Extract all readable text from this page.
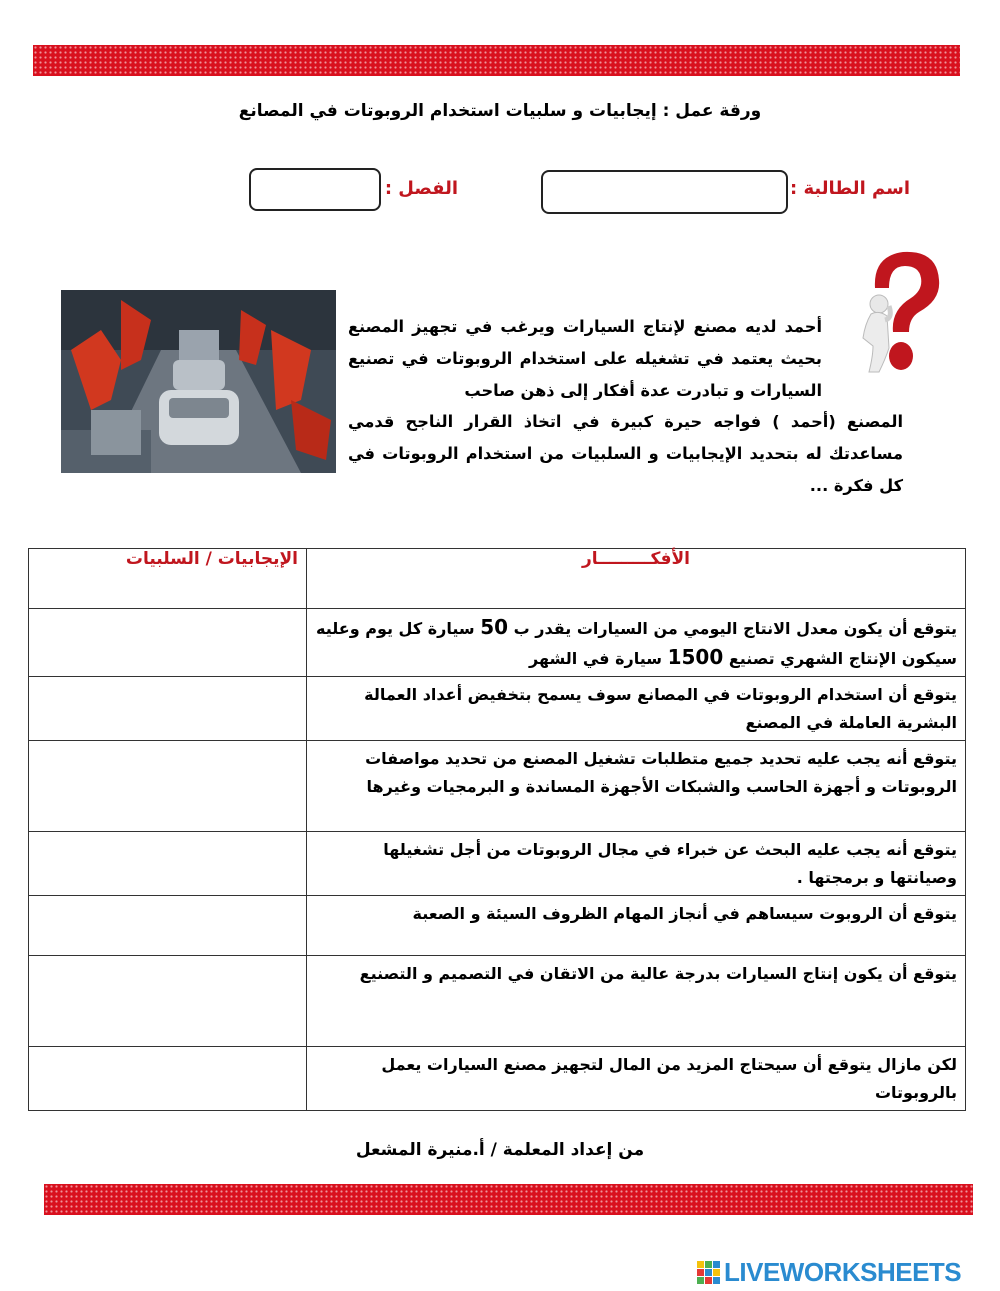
ورقة عمل : إيجابيات و سلبيات استخدام الروبوتات في المصانع
اسم الطالبة :
الفصل :
أحمد لديه مصنع لإنتاج السيارات ويرغب في تجهيز المصنع بحيث يعتمد في تشغيله على استخدام الروبوتات في تصنيع السيارات و تبادرت عدة أفكار إلى ذهن صاحب
المصنع (أحمد ) فواجه حيرة كبيرة في اتخاذ القرار الناجح قدمي مساعدتك له بتحديد الإيجابيات و السلبيات من استخدام الروبوتات في كل فكرة ...
الأفكـــــــــار	الإيجابيات / السلبيات
يتوقع أن يكون معدل الانتاج اليومي من السيارات يقدر ب 50 سيارة كل يوم وعليه سيكون الإنتاج الشهري تصنيع 1500 سيارة في الشهر	
يتوقع أن استخدام الروبوتات في المصانع سوف يسمح بتخفيض أعداد العمالة البشرية العاملة في المصنع	
يتوقع أنه يجب عليه تحديد جميع متطلبات تشغيل المصنع من تحديد مواصفات الروبوتات و أجهزة الحاسب والشبكات الأجهزة المساندة و البرمجيات وغيرها	
يتوقع أنه يجب عليه البحث عن خبراء في مجال الروبوتات من أجل تشغيلها وصيانتها و برمجتها .	
يتوقع أن الروبوت سيساهم في أنجاز المهام الظروف السيئة و الصعبة	
يتوقع أن يكون إنتاج السيارات بدرجة عالية من الاتقان في التصميم و التصنيع	
لكن مازال يتوقع أن سيحتاج المزيد من المال لتجهيز مصنع السيارات يعمل بالروبوتات	
من إعداد المعلمة / أ.منيرة المشعل
LIVEWORKSHEETS
